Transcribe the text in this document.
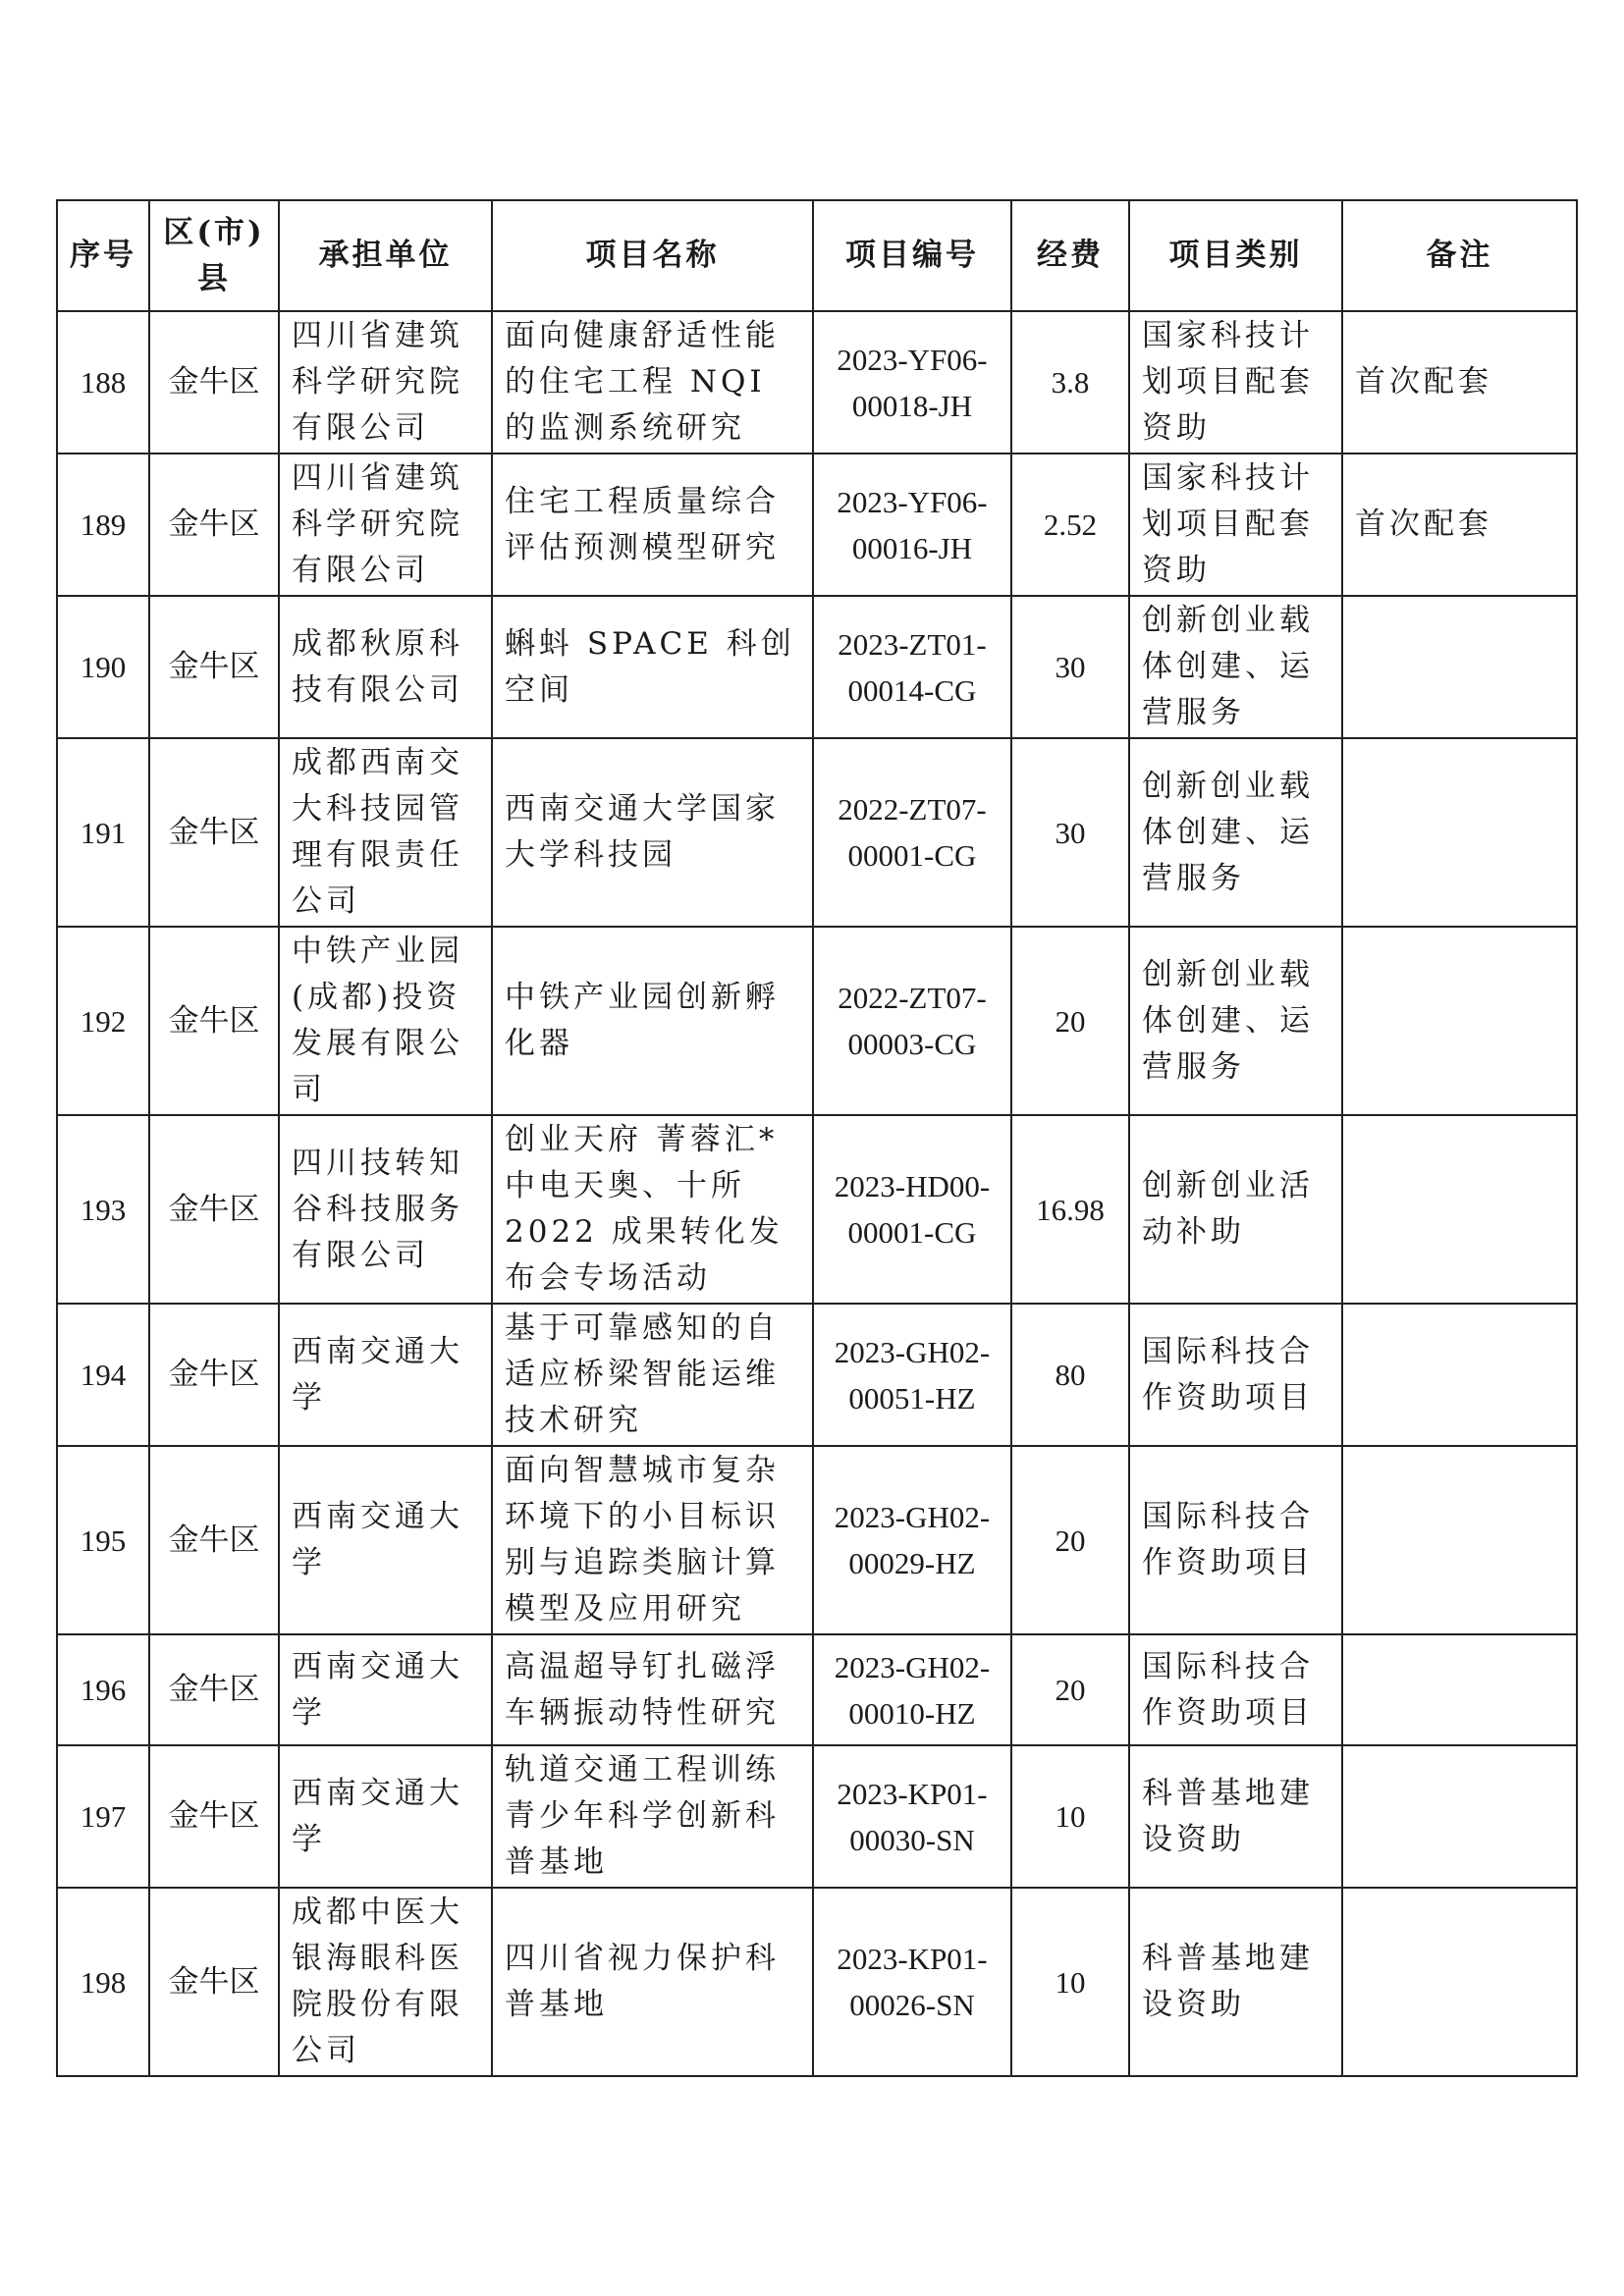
序号	区(市)县	承担单位	项目名称	项目编号	经费	项目类别	备注
188	金牛区	四川省建筑科学研究院有限公司	面向健康舒适性能的住宅工程 NQI 的监测系统研究	2023-YF06-00018-JH	3.8	国家科技计划项目配套资助	首次配套
189	金牛区	四川省建筑科学研究院有限公司	住宅工程质量综合评估预测模型研究	2023-YF06-00016-JH	2.52	国家科技计划项目配套资助	首次配套
190	金牛区	成都秋原科技有限公司	蝌蚪 SPACE 科创空间	2023-ZT01-00014-CG	30	创新创业载体创建、运营服务	
191	金牛区	成都西南交大科技园管理有限责任公司	西南交通大学国家大学科技园	2022-ZT07-00001-CG	30	创新创业载体创建、运营服务	
192	金牛区	中铁产业园(成都)投资发展有限公司	中铁产业园创新孵化器	2022-ZT07-00003-CG	20	创新创业载体创建、运营服务	
193	金牛区	四川技转知谷科技服务有限公司	创业天府 菁蓉汇*中电天奥、十所 2022 成果转化发布会专场活动	2023-HD00-00001-CG	16.98	创新创业活动补助	
194	金牛区	西南交通大学	基于可靠感知的自适应桥梁智能运维技术研究	2023-GH02-00051-HZ	80	国际科技合作资助项目	
195	金牛区	西南交通大学	面向智慧城市复杂环境下的小目标识别与追踪类脑计算模型及应用研究	2023-GH02-00029-HZ	20	国际科技合作资助项目	
196	金牛区	西南交通大学	高温超导钉扎磁浮车辆振动特性研究	2023-GH02-00010-HZ	20	国际科技合作资助项目	
197	金牛区	西南交通大学	轨道交通工程训练青少年科学创新科普基地	2023-KP01-00030-SN	10	科普基地建设资助	
198	金牛区	成都中医大银海眼科医院股份有限公司	四川省视力保护科普基地	2023-KP01-00026-SN	10	科普基地建设资助	
